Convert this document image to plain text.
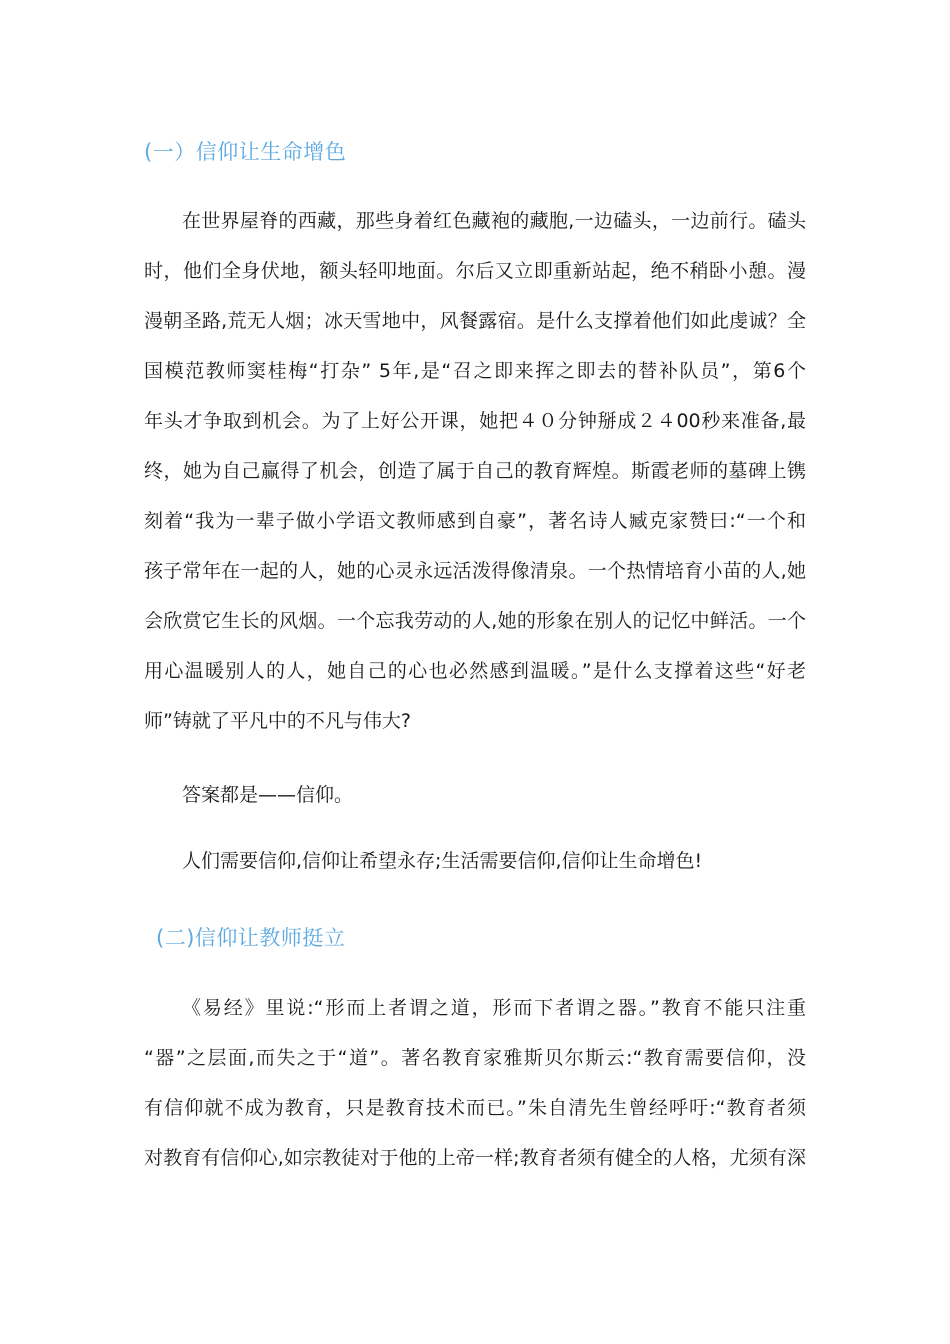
(一）信仰让生命增色
在世界屋脊的西藏，那些身着红色藏袍的藏胞,一边磕头，一边前行。磕头
时，他们全身伏地，额头轻叩地面。尔后又立即重新站起，绝不稍卧小憩。漫
漫朝圣路,荒无人烟；冰天雪地中，风餐露宿。是什么支撑着他们如此虔诚？全
国模范教师窦桂梅“打杂” 5年,是“召之即来挥之即去的替补队员”，第6个
年头才争取到机会。为了上好公开课，她把４０分钟掰成２４00秒来准备,最
终，她为自己赢得了机会，创造了属于自己的教育辉煌。斯霞老师的墓碑上镌
刻着“我为一辈子做小学语文教师感到自豪”，著名诗人臧克家赞曰:“一个和
孩子常年在一起的人，她的心灵永远活泼得像清泉。一个热情培育小苗的人,她
会欣赏它生长的风烟。一个忘我劳动的人,她的形象在别人的记忆中鲜活。一个
用心温暖别人的人，她自己的心也必然感到温暖。”是什么支撑着这些“好老
师”铸就了平凡中的不凡与伟大?
答案都是——信仰。
人们需要信仰,信仰让希望永存;生活需要信仰,信仰让生命增色!
(二)信仰让教师挺立
《易经》里说:“形而上者谓之道，形而下者谓之器。”教育不能只注重
“器”之层面,而失之于“道”。著名教育家雅斯贝尔斯云:“教育需要信仰，没
有信仰就不成为教育，只是教育技术而已。”朱自清先生曾经呼吁:“教育者须
对教育有信仰心,如宗教徒对于他的上帝一样;教育者须有健全的人格，尤须有深
